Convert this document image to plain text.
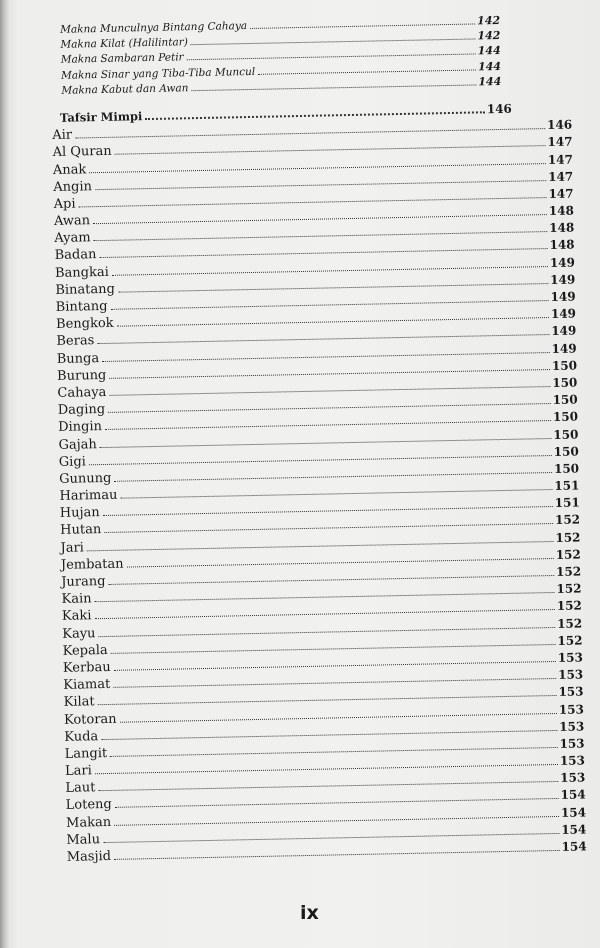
Makna Munculnya Bintang Cahaya	142
Makna Kilat (Halilintar)
142
Makna Sambaran Petir
144
Makna Sinar yang Tiba-Tiba Muncul	144
Makna Kabut dan Awan
144
Tafsir Mimpi
146
Air
146
Al Quran
147
Anak
147
Angin
147
Api
147
Awan
148
Ayam
148
Badan
148
Bangkai
149
Binatang
149
Bintang
149
Bengkok
149
Beras
149
Bunga
149
Burung
150
Cahaya
150
Daging
150
Dingin
150
Gajah
150
Gigi
150
Gunung
150
Harimau
151
Hujan
151
Hutan
152
Jari
152
Jembatan
152
Jurang
152
Kain
152
Kaki
152
Kayu
152
Kepala
152
Kerbau
153
Kiamat
153
Kilat
153
Kotoran
153
Kuda
153
Langit
153
Lari
153
Laut
153
Loteng
154
Makan
154
Malu
154
Masjid
154
ix
